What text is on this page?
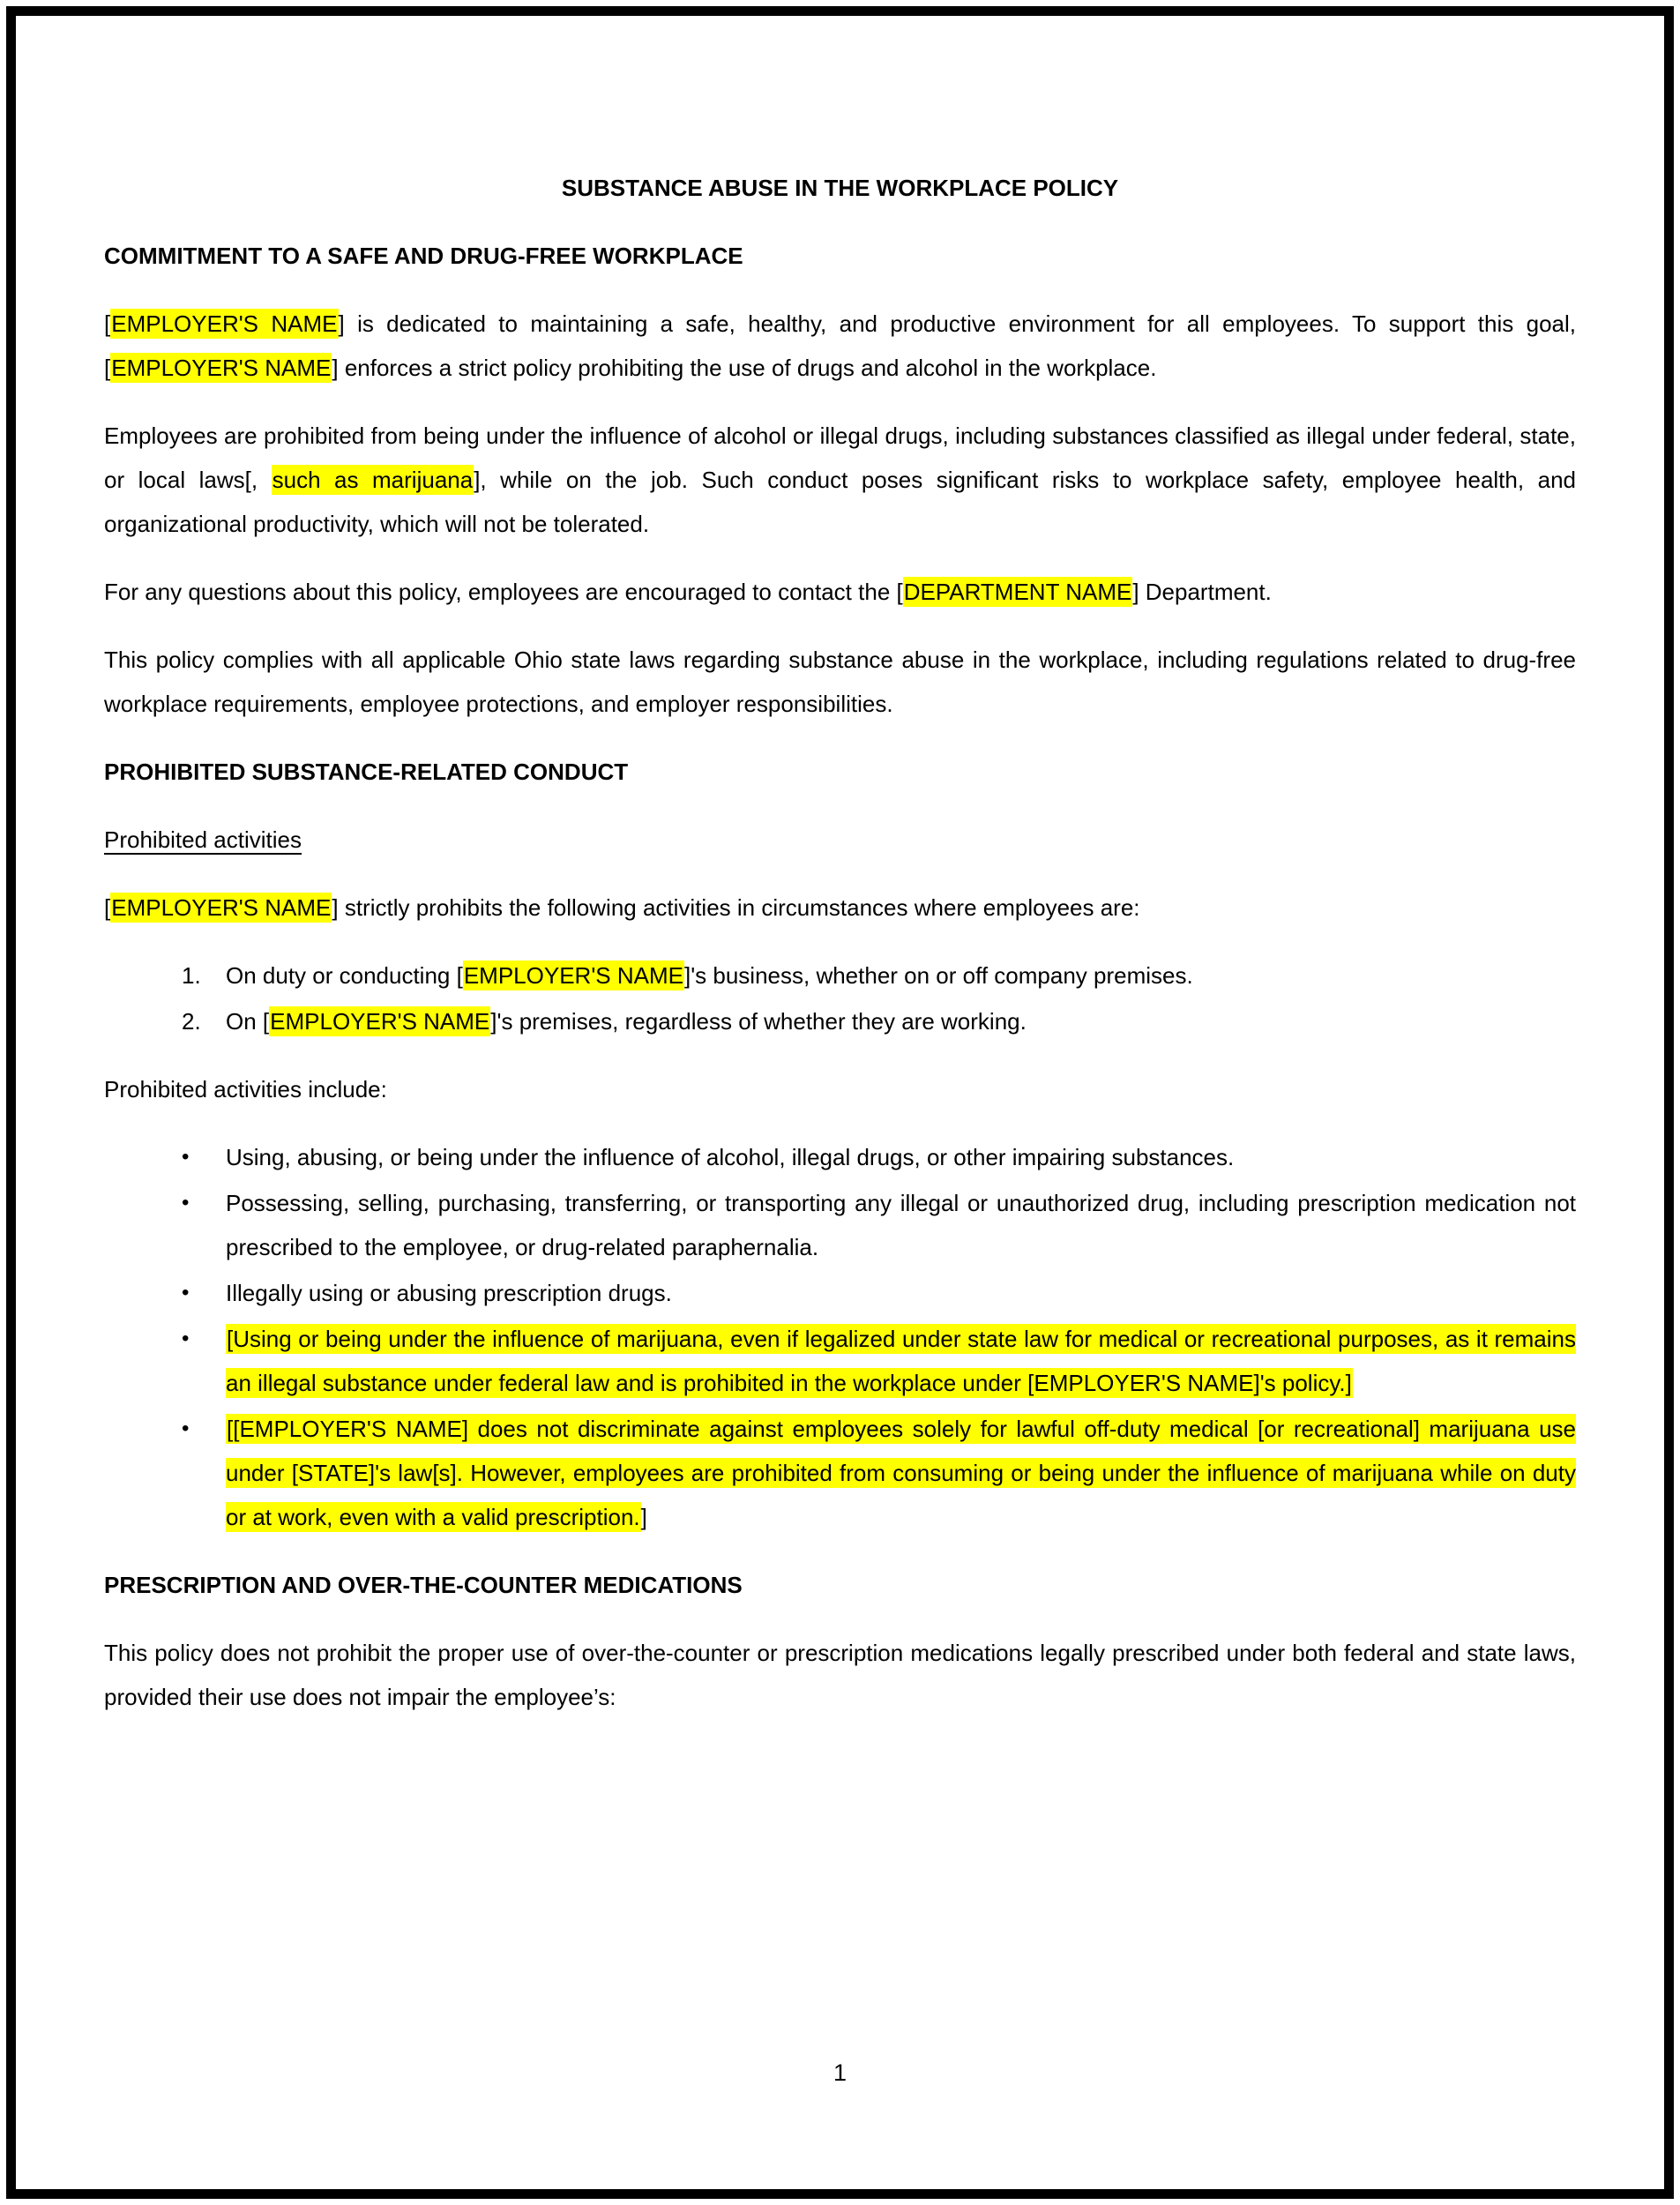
SUBSTANCE ABUSE IN THE WORKPLACE POLICY

COMMITMENT TO A SAFE AND DRUG-FREE WORKPLACE

[EMPLOYER'S NAME] is dedicated to maintaining a safe, healthy, and productive environment for all employees. To support this goal, [EMPLOYER'S NAME] enforces a strict policy prohibiting the use of drugs and alcohol in the workplace.

Employees are prohibited from being under the influence of alcohol or illegal drugs, including substances classified as illegal under federal, state, or local laws[, such as marijuana], while on the job. Such conduct poses significant risks to workplace safety, employee health, and organizational productivity, which will not be tolerated.

For any questions about this policy, employees are encouraged to contact the [DEPARTMENT NAME] Department.

This policy complies with all applicable Ohio state laws regarding substance abuse in the workplace, including regulations related to drug-free workplace requirements, employee protections, and employer responsibilities.

PROHIBITED SUBSTANCE-RELATED CONDUCT

Prohibited activities

[EMPLOYER'S NAME] strictly prohibits the following activities in circumstances where employees are:

1.	On duty or conducting [EMPLOYER'S NAME]'s business, whether on or off company premises.
2.	On [EMPLOYER'S NAME]'s premises, regardless of whether they are working.

Prohibited activities include:

•	Using, abusing, or being under the influence of alcohol, illegal drugs, or other impairing substances.
•	Possessing, selling, purchasing, transferring, or transporting any illegal or unauthorized drug, including prescription medication not prescribed to the employee, or drug-related paraphernalia.
•	Illegally using or abusing prescription drugs.
•	[Using or being under the influence of marijuana, even if legalized under state law for medical or recreational purposes, as it remains an illegal substance under federal law and is prohibited in the workplace under [EMPLOYER'S NAME]'s policy.]
•	[[EMPLOYER'S NAME] does not discriminate against employees solely for lawful off-duty medical [or recreational] marijuana use under [STATE]'s law[s]. However, employees are prohibited from consuming or being under the influence of marijuana while on duty or at work, even with a valid prescription.]

PRESCRIPTION AND OVER-THE-COUNTER MEDICATIONS

This policy does not prohibit the proper use of over-the-counter or prescription medications legally prescribed under both federal and state laws, provided their use does not impair the employee’s:

1
